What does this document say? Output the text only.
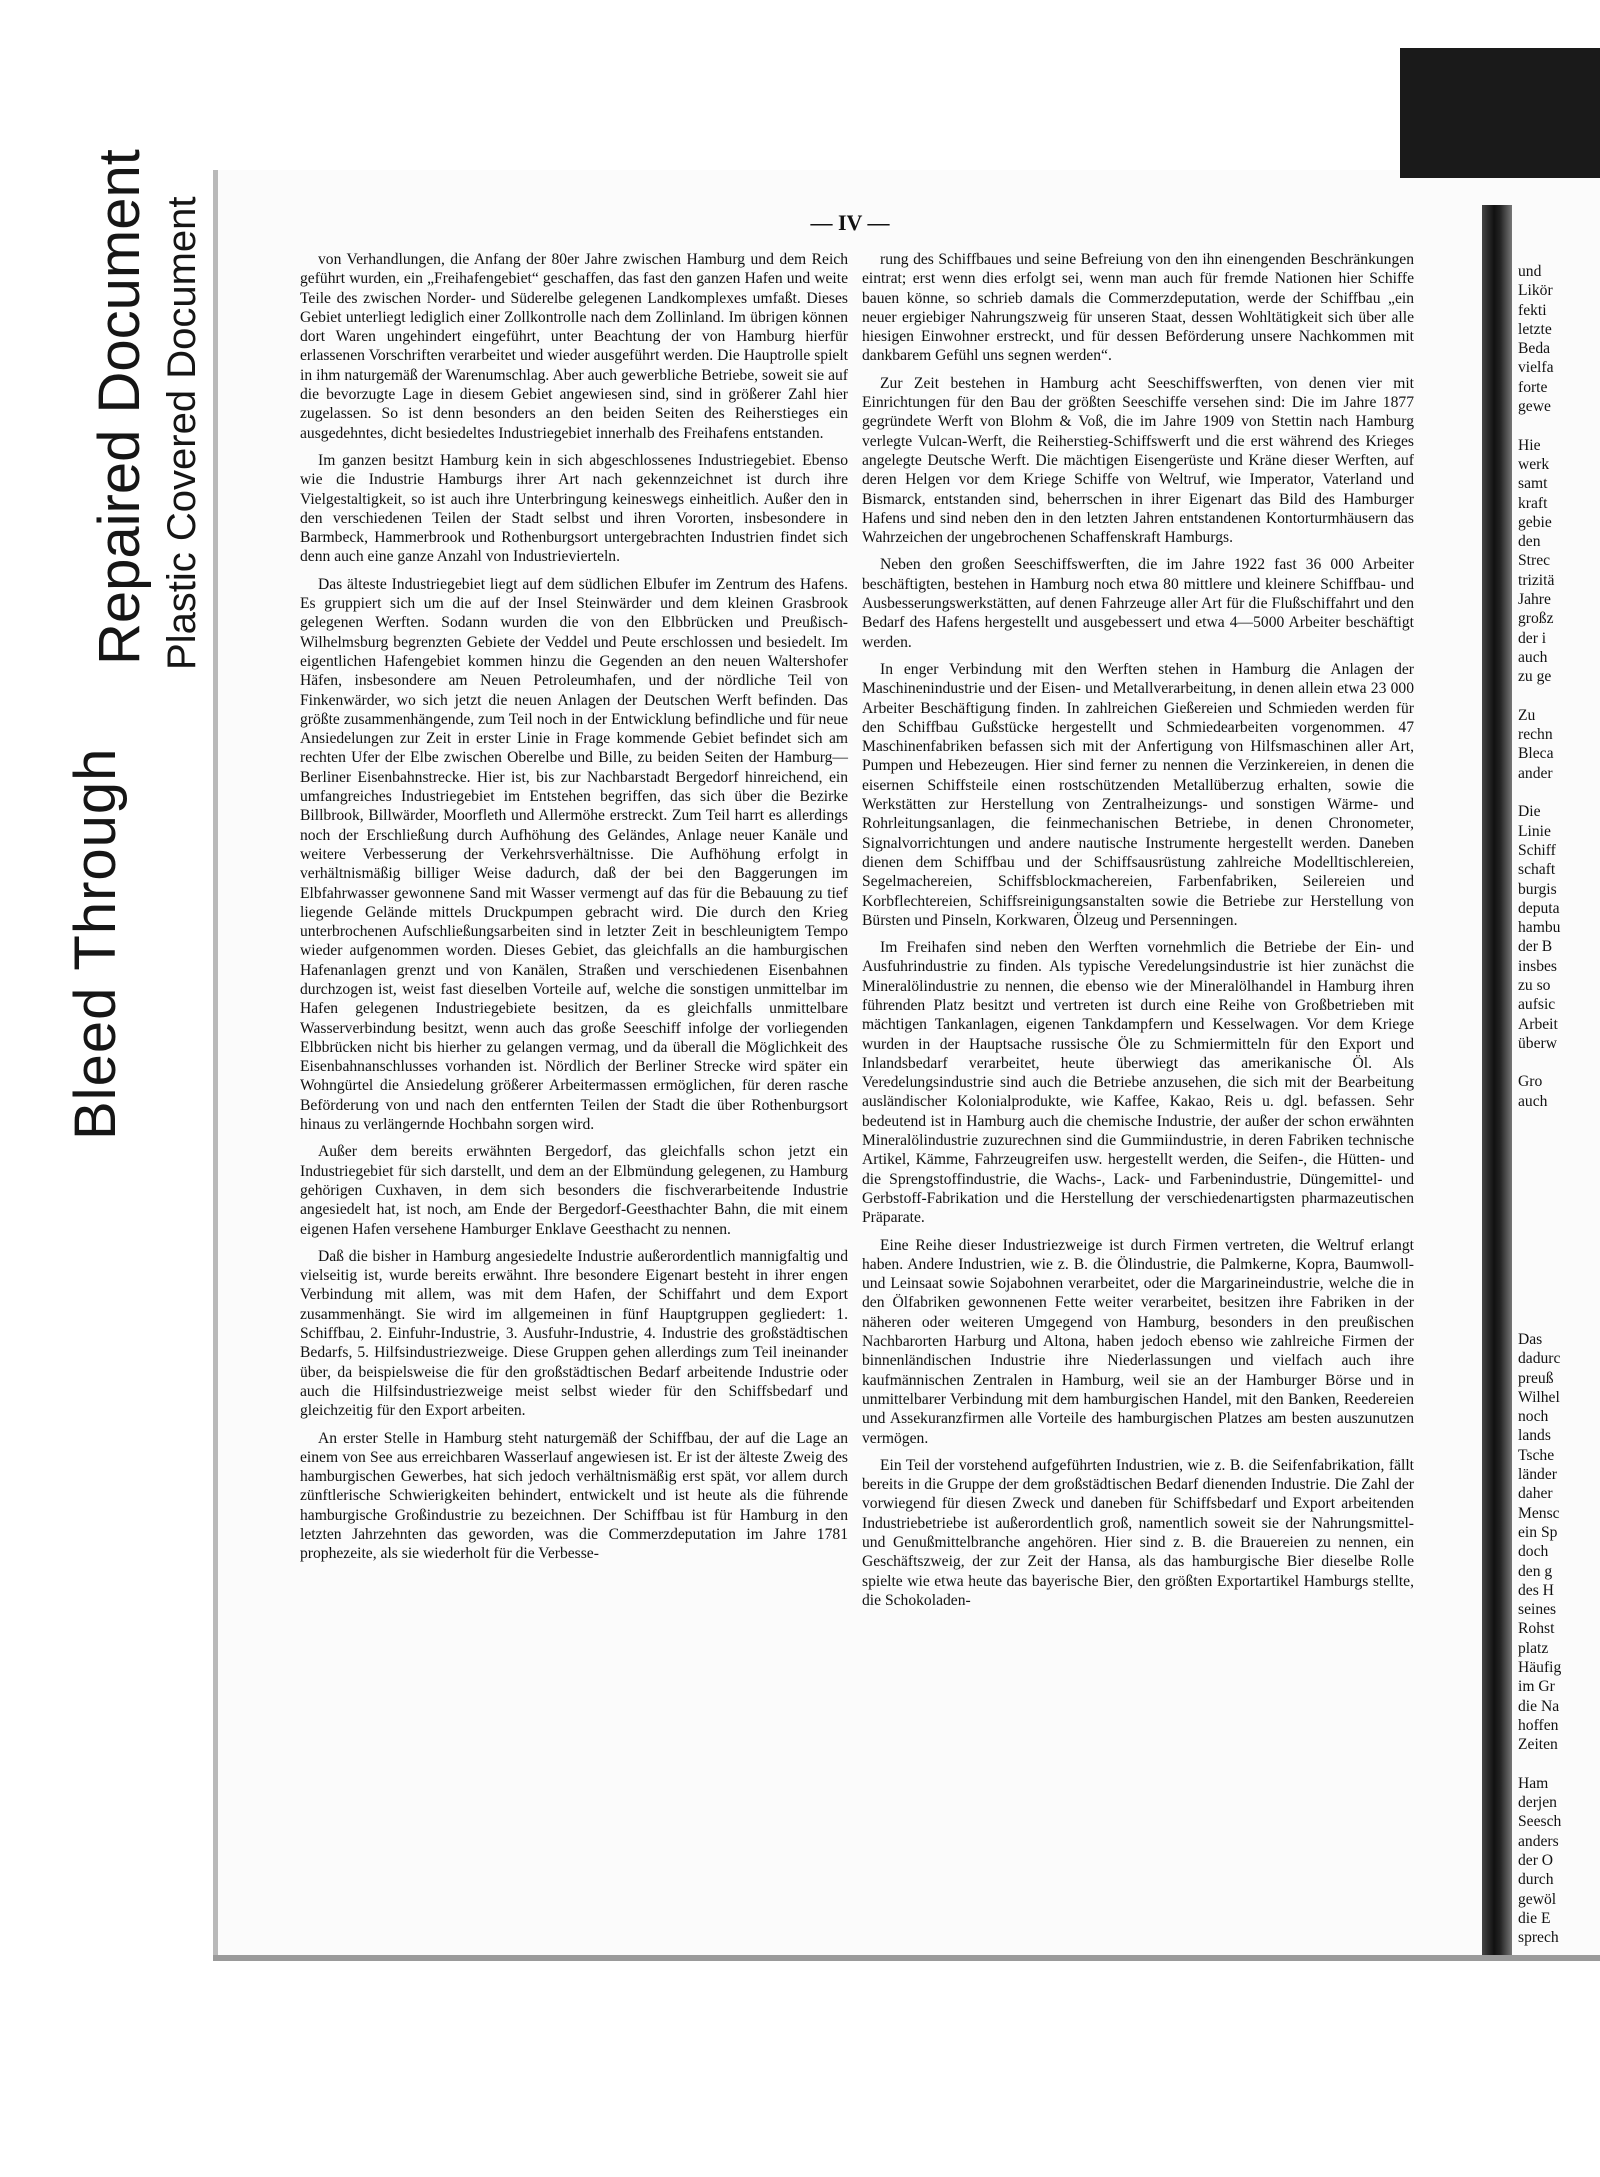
Bleed Through
Repaired Document Plastic Covered Document	— IV —

von Verhandlungen, die Anfang der 80er Jahre zwischen Hamburg und dem Reich geführt wurden, ein „Freihafengebiet“ geschaffen, das fast den ganzen Hafen und weite Teile des zwischen Norder- und Süderelbe gelegenen Landkomplexes umfaßt. Dieses Gebiet unterliegt lediglich einer Zollkontrolle nach dem Zollinland. Im übrigen können dort Waren ungehindert eingeführt, unter Beachtung der von Hamburg hierfür erlassenen Vorschriften verarbeitet und wieder ausgeführt werden. Die Hauptrolle spielt in ihm naturgemäß der Warenumschlag. Aber auch gewerbliche Betriebe, soweit sie auf die bevorzugte Lage in diesem Gebiet angewiesen sind, sind in größerer Zahl hier zugelassen. So ist denn besonders an den beiden Seiten des Reiherstieges ein ausgedehntes, dicht besiedeltes Industriegebiet innerhalb des Freihafens entstanden.

Im ganzen besitzt Hamburg kein in sich abgeschlossenes Industriegebiet. Ebenso wie die Industrie Hamburgs ihrer Art nach gekennzeichnet ist durch ihre Vielgestaltigkeit, so ist auch ihre Unterbringung keineswegs einheitlich. Außer den in den verschiedenen Teilen der Stadt selbst und ihren Vororten, insbesondere in Barmbeck, Hammerbrook und Rothenburgsort untergebrachten Industrien findet sich denn auch eine ganze Anzahl von Industrievierteln.

Das älteste Industriegebiet liegt auf dem südlichen Elbufer im Zentrum des Hafens. Es gruppiert sich um die auf der Insel Steinwärder und dem kleinen Grasbrook gelegenen Werften. Sodann wurden die von den Elbbrücken und Preußisch-Wilhelmsburg begrenzten Gebiete der Veddel und Peute erschlossen und besiedelt. Im eigentlichen Hafengebiet kommen hinzu die Gegenden an den neuen Waltershofer Häfen, insbesondere am Neuen Petroleumhafen, und der nördliche Teil von Finkenwärder, wo sich jetzt die neuen Anlagen der Deutschen Werft befinden. Das größte zusammenhängende, zum Teil noch in der Entwicklung befindliche und für neue Ansiedelungen zur Zeit in erster Linie in Frage kommende Gebiet befindet sich am rechten Ufer der Elbe zwischen Oberelbe und Bille, zu beiden Seiten der Hamburg—Berliner Eisenbahnstrecke. Hier ist, bis zur Nachbarstadt Bergedorf hinreichend, ein umfangreiches Industriegebiet im Entstehen begriffen, das sich über die Bezirke Billbrook, Billwärder, Moorfleth und Allermöhe erstreckt. Zum Teil harrt es allerdings noch der Erschließung durch Aufhöhung des Geländes, Anlage neuer Kanäle und weitere Verbesserung der Verkehrsverhältnisse. Die Aufhöhung erfolgt in verhältnismäßig billiger Weise dadurch, daß der bei den Baggerungen im Elbfahrwasser gewonnene Sand mit Wasser vermengt auf das für die Bebauung zu tief liegende Gelände mittels Druckpumpen gebracht wird. Die durch den Krieg unterbrochenen Aufschließungsarbeiten sind in letzter Zeit in beschleunigtem Tempo wieder aufgenommen worden. Dieses Gebiet, das gleichfalls an die hamburgischen Hafenanlagen grenzt und von Kanälen, Straßen und verschiedenen Eisenbahnen durchzogen ist, weist fast dieselben Vorteile auf, welche die sonstigen unmittelbar im Hafen gelegenen Industriegebiete besitzen, da es gleichfalls unmittelbare Wasserverbindung besitzt, wenn auch das große Seeschiff infolge der vorliegenden Elbbrücken nicht bis hierher zu gelangen vermag, und da überall die Möglichkeit des Eisenbahnanschlusses vorhanden ist. Nördlich der Berliner Strecke wird später ein Wohngürtel die Ansiedelung größerer Arbeitermassen ermöglichen, für deren rasche Beförderung von und nach den entfernten Teilen der Stadt die über Rothenburgsort hinaus zu verlängernde Hochbahn sorgen wird.

Außer dem bereits erwähnten Bergedorf, das gleichfalls schon jetzt ein Industriegebiet für sich darstellt, und dem an der Elbmündung gelegenen, zu Hamburg gehörigen Cuxhaven, in dem sich besonders die fischverarbeitende Industrie angesiedelt hat, ist noch, am Ende der Bergedorf-Geesthachter Bahn, die mit einem eigenen Hafen versehene Hamburger Enklave Geesthacht zu nennen.

Daß die bisher in Hamburg angesiedelte Industrie außerordentlich mannigfaltig und vielseitig ist, wurde bereits erwähnt. Ihre besondere Eigenart besteht in ihrer engen Verbindung mit allem, was mit dem Hafen, der Schiffahrt und dem Export zusammenhängt. Sie wird im allgemeinen in fünf Hauptgruppen gegliedert: 1. Schiffbau, 2. Einfuhr-Industrie, 3. Ausfuhr-Industrie, 4. Industrie des großstädtischen Bedarfs, 5. Hilfsindustriezweige. Diese Gruppen gehen allerdings zum Teil ineinander über, da beispielsweise die für den großstädtischen Bedarf arbeitende Industrie oder auch die Hilfsindustriezweige meist selbst wieder für den Schiffsbedarf und gleichzeitig für den Export arbeiten.

An erster Stelle in Hamburg steht naturgemäß der Schiffbau, der auf die Lage an einem von See aus erreichbaren Wasserlauf angewiesen ist. Er ist der älteste Zweig des hamburgischen Gewerbes, hat sich jedoch verhältnismäßig erst spät, vor allem durch zünftlerische Schwierigkeiten behindert, entwickelt und ist heute als die führende hamburgische Großindustrie zu bezeichnen. Der Schiffbau ist für Hamburg in den letzten Jahrzehnten das geworden, was die Commerzdeputation im Jahre 1781 prophezeite, als sie wiederholt für die Verbesse-

rung des Schiffbaues und seine Befreiung von den ihn einengenden Beschränkungen eintrat; erst wenn dies erfolgt sei, wenn man auch für fremde Nationen hier Schiffe bauen könne, so schrieb damals die Commerzdeputation, werde der Schiffbau „ein neuer ergiebiger Nahrungszweig für unseren Staat, dessen Wohltätigkeit sich über alle hiesigen Einwohner erstreckt, und für dessen Beförderung unsere Nachkommen mit dankbarem Gefühl uns segnen werden“.

Zur Zeit bestehen in Hamburg acht Seeschiffswerften, von denen vier mit Einrichtungen für den Bau der größten Seeschiffe versehen sind: Die im Jahre 1877 gegründete Werft von Blohm & Voß, die im Jahre 1909 von Stettin nach Hamburg verlegte Vulcan-Werft, die Reiherstieg-Schiffswerft und die erst während des Krieges angelegte Deutsche Werft. Die mächtigen Eisengerüste und Kräne dieser Werften, auf deren Helgen vor dem Kriege Schiffe von Weltruf, wie Imperator, Vaterland und Bismarck, entstanden sind, beherrschen in ihrer Eigenart das Bild des Hamburger Hafens und sind neben den in den letzten Jahren entstandenen Kontorturmhäusern das Wahrzeichen der ungebrochenen Schaffenskraft Hamburgs.

Neben den großen Seeschiffswerften, die im Jahre 1922 fast 36 000 Arbeiter beschäftigten, bestehen in Hamburg noch etwa 80 mittlere und kleinere Schiffbau- und Ausbesserungswerkstätten, auf denen Fahrzeuge aller Art für die Flußschiffahrt und den Bedarf des Hafens hergestellt und ausgebessert und etwa 4—5000 Arbeiter beschäftigt werden.

In enger Verbindung mit den Werften stehen in Hamburg die Anlagen der Maschinenindustrie und der Eisen- und Metallverarbeitung, in denen allein etwa 23 000 Arbeiter Beschäftigung finden. In zahlreichen Gießereien und Schmieden werden für den Schiffbau Gußstücke hergestellt und Schmiedearbeiten vorgenommen. 47 Maschinenfabriken befassen sich mit der Anfertigung von Hilfsmaschinen aller Art, Pumpen und Hebezeugen. Hier sind ferner zu nennen die Verzinkereien, in denen die eisernen Schiffsteile einen rostschützenden Metallüberzug erhalten, sowie die Werkstätten zur Herstellung von Zentralheizungs- und sonstigen Wärme- und Rohrleitungsanlagen, die feinmechanischen Betriebe, in denen Chronometer, Signalvorrichtungen und andere nautische Instrumente hergestellt werden. Daneben dienen dem Schiffbau und der Schiffsausrüstung zahlreiche Modelltischlereien, Segelmachereien, Schiffsblockmachereien, Farbenfabriken, Seilereien und Korbflechtereien, Schiffsreinigungsanstalten sowie die Betriebe zur Herstellung von Bürsten und Pinseln, Korkwaren, Ölzeug und Persenningen.

Im Freihafen sind neben den Werften vornehmlich die Betriebe der Ein- und Ausfuhrindustrie zu finden. Als typische Veredelungsindustrie ist hier zunächst die Mineralölindustrie zu nennen, die ebenso wie der Mineralölhandel in Hamburg ihren führenden Platz besitzt und vertreten ist durch eine Reihe von Großbetrieben mit mächtigen Tankanlagen, eigenen Tankdampfern und Kesselwagen. Vor dem Kriege wurden in der Hauptsache russische Öle zu Schmiermitteln für den Export und Inlandsbedarf verarbeitet, heute überwiegt das amerikanische Öl. Als Veredelungsindustrie sind auch die Betriebe anzusehen, die sich mit der Bearbeitung ausländischer Kolonialprodukte, wie Kaffee, Kakao, Reis u. dgl. befassen. Sehr bedeutend ist in Hamburg auch die chemische Industrie, der außer der schon erwähnten Mineralölindustrie zuzurechnen sind die Gummiindustrie, in deren Fabriken technische Artikel, Kämme, Fahrzeugreifen usw. hergestellt werden, die Seifen-, die Hütten- und die Sprengstoffindustrie, die Wachs-, Lack- und Farbenindustrie, Düngemittel- und Gerbstoff-Fabrikation und die Herstellung der verschiedenartigsten pharmazeutischen Präparate.

Eine Reihe dieser Industriezweige ist durch Firmen vertreten, die Weltruf erlangt haben. Andere Industrien, wie z. B. die Ölindustrie, die Palmkerne, Kopra, Baumwoll- und Leinsaat sowie Sojabohnen verarbeitet, oder die Margarineindustrie, welche die in den Ölfabriken gewonnenen Fette weiter verarbeitet, besitzen ihre Fabriken in der näheren oder weiteren Umgegend von Hamburg, besonders in den preußischen Nachbarorten Harburg und Altona, haben jedoch ebenso wie zahlreiche Firmen der binnenländischen Industrie ihre Niederlassungen und vielfach auch ihre kaufmännischen Zentralen in Hamburg, weil sie an der Hamburger Börse und in unmittelbarer Verbindung mit dem hamburgischen Handel, mit den Banken, Reedereien und Assekuranzfirmen alle Vorteile des hamburgischen Platzes am besten auszunutzen vermögen.

Ein Teil der vorstehend aufgeführten Industrien, wie z. B. die Seifenfabrikation, fällt bereits in die Gruppe der dem großstädtischen Bedarf dienenden Industrie. Die Zahl der vorwiegend für diesen Zweck und daneben für Schiffsbedarf und Export arbeitenden Industriebetriebe ist außerordentlich groß, namentlich soweit sie der Nahrungsmittel- und Genußmittelbranche angehören. Hier sind z. B. die Brauereien zu nennen, ein Geschäftszweig, der zur Zeit der Hansa, als das hamburgische Bier dieselbe Rolle spielte wie etwa heute das bayerische Bier, den größten Exportartikel Hamburgs stellte, die Schokoladen-

und
Likör
fekti
letzte
Beda
vielfa
forte
gewe

Hie
werk
samt
kraft
gebie
den
Strec
trizitä
Jahre
großz
der i
auch
zu ge

Zu
rechn
Bleca
ander

Die
Linie
Schiff
schaft
burgis
deputa
hambu
der B
insbes
zu so
aufsic
Arbeit
überw

Gro
auch
Das
dadurc
preuß
Wilhel
noch
lands
Tsche
länder
daher
Mensc
ein Sp
doch
den g
des H
seines
Rohst
platz
Häufig
im Gr
die Na
hoffen
Zeiten

Ham
derjen
Seesch
anders
der O
durch
gewöl
die E
sprech
